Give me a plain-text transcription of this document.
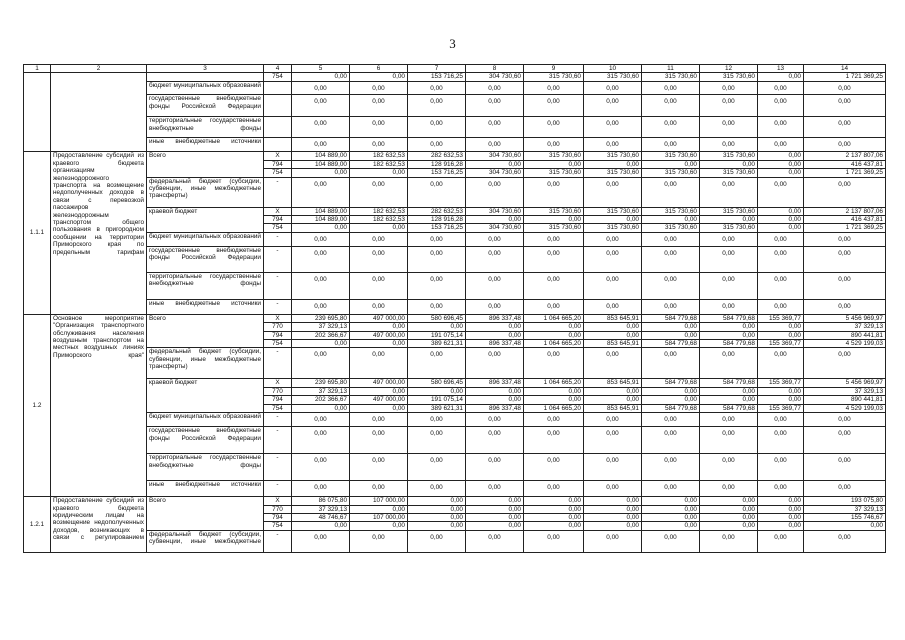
3
1	2	3	4	5	6	7	8	9	10	11	12	13	14
			754	0,00	0,00	153 716,25	304 730,60	315 730,60	315 730,60	315 730,60	315 730,60	0,00	1 721 369,25

		бюджет муниципальных образований		0,00	0,00	0,00	0,00	0,00	0,00	0,00	0,00	0,00	0,00

		государственные внебюджетные фонды Российской Федерации		0,00	0,00	0,00	0,00	0,00	0,00	0,00	0,00	0,00	0,00

		территориальные государственные внебюджетные фонды		0,00	0,00	0,00	0,00	0,00	0,00	0,00	0,00	0,00	0,00

		иные внебюджетные источники		0,00	0,00	0,00	0,00	0,00	0,00	0,00	0,00	0,00	0,00
1.1.1	Предоставление субсидий из краевого бюджета организациям железнодорожного транспорта на возмещение недополученных доходов в связи с перевозкой пассажиров железнодорожным транспортом общего пользования в пригородном сообщении на территории Приморского края по предельным тарифам	Всего	X	104 889,00	182 632,53	282 632,53	304 730,60	315 730,60	315 730,60	315 730,60	315 730,60	0,00	2 137 807,06
			794	104 889,00	182 632,53	128 916,28	0,00	0,00	0,00	0,00	0,00	0,00	416 437,81
			754	0,00	0,00	153 716,25	304 730,60	315 730,60	315 730,60	315 730,60	315 730,60	0,00	1 721 369,25

		федеральный бюджет (субсидии, субвенции, иные межбюджетные трансферты)	-	0,00	0,00	0,00	0,00	0,00	0,00	0,00	0,00	0,00	0,00
		краевой бюджет	X	104 889,00	182 632,53	282 632,53	304 730,60	315 730,60	315 730,60	315 730,60	315 730,60	0,00	2 137 807,06
			794	104 889,00	182 632,53	128 916,28	0,00	0,00	0,00	0,00	0,00	0,00	416 437,81
			754	0,00	0,00	153 716,25	304 730,60	315 730,60	315 730,60	315 730,60	315 730,60	0,00	1 721 369,25

		бюджет муниципальных образований	-	0,00	0,00	0,00	0,00	0,00	0,00	0,00	0,00	0,00	0,00

		государственные внебюджетные фонды Российской Федерации	-	0,00	0,00	0,00	0,00	0,00	0,00	0,00	0,00	0,00	0,00

		территориальные государственные внебюджетные фонды	-	0,00	0,00	0,00	0,00	0,00	0,00	0,00	0,00	0,00	0,00

		иные внебюджетные источники	-	0,00	0,00	0,00	0,00	0,00	0,00	0,00	0,00	0,00	0,00
1.2	Основное мероприятие "Организация транспортного обслуживания населения воздушным транспортом на местных воздушных линиях Приморского края"	Всего	X	239 695,80	497 000,00	580 696,45	896 337,48	1 064 665,20	853 645,91	584 779,68	584 779,68	155 369,77	5 456 969,97
			770	37 329,13	0,00	0,00	0,00	0,00	0,00	0,00	0,00	0,00	37 329,13
			794	202 366,67	497 000,00	191 075,14	0,00	0,00	0,00	0,00	0,00	0,00	890 441,81
			754	0,00	0,00	389 621,31	896 337,48	1 064 665,20	853 645,91	584 779,68	584 779,68	155 369,77	4 529 199,03

		федеральный бюджет (субсидии, субвенции, иные межбюджетные трансферты)	-	0,00	0,00	0,00	0,00	0,00	0,00	0,00	0,00	0,00	0,00
		краевой бюджет	X	239 695,80	497 000,00	580 696,45	896 337,48	1 064 665,20	853 645,91	584 779,68	584 779,68	155 369,77	5 456 969,97
			770	37 329,13	0,00	0,00	0,00	0,00	0,00	0,00	0,00	0,00	37 329,13
			794	202 366,67	497 000,00	191 075,14	0,00	0,00	0,00	0,00	0,00	0,00	890 441,81
			754	0,00	0,00	389 621,31	896 337,48	1 064 665,20	853 645,91	584 779,68	584 779,68	155 369,77	4 529 199,03

		бюджет муниципальных образований	-	0,00	0,00	0,00	0,00	0,00	0,00	0,00	0,00	0,00	0,00

		государственные внебюджетные фонды Российской Федерации	-	0,00	0,00	0,00	0,00	0,00	0,00	0,00	0,00	0,00	0,00

		территориальные государственные внебюджетные фонды	-	0,00	0,00	0,00	0,00	0,00	0,00	0,00	0,00	0,00	0,00

		иные внебюджетные источники	-	0,00	0,00	0,00	0,00	0,00	0,00	0,00	0,00	0,00	0,00
1.2.1	Предоставление субсидий из краевого бюджета юридическим лицам на возмещение недополученных доходов, возникающих в связи с регулированием	Всего	X	86 075,80	107 000,00	0,00	0,00	0,00	0,00	0,00	0,00	0,00	193 075,80
			770	37 329,13	0,00	0,00	0,00	0,00	0,00	0,00	0,00	0,00	37 329,13
			794	48 746,67	107 000,00	0,00	0,00	0,00	0,00	0,00	0,00	0,00	155 746,67
			754	0,00	0,00	0,00	0,00	0,00	0,00	0,00	0,00	0,00	0,00

		федеральный бюджет (субсидии, субвенции, иные межбюджетные	-	0,00	0,00	0,00	0,00	0,00	0,00	0,00	0,00	0,00	0,00
